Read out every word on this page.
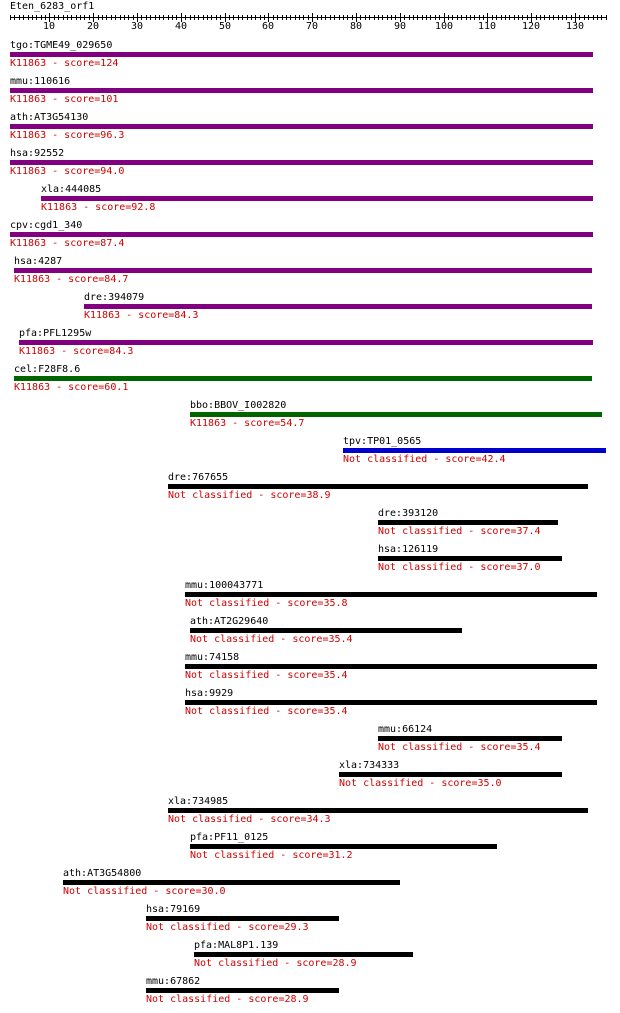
Eten_6283_orf1
10	20	30	40	50	60	70	80	90	100 110	120	130
tgo:TGME49_029650
K11863 - score=124
mmu:110616
K11863 - score=101
ath:AT3G54130
K11863 - score=96.3
hsa:92552
K11863 - score=94.0
xla:444085
K11863 - score=92.8
cpv:cgd1_340
K11863 - score=87.4
hsa:4287
K11863 - score=84.7
dre:394079
K11863 - score=84.3
pfa:PFL1295w
K11863 - score=84.3
cel:F28F8.6
K11863 - score=60.1
bbo:BBOV_I002820
K11863 - score=54.7
tpv:TP01_0565
Not classified - score=42.4
dre:767655
Not classified - score=38.9
dre:393120
Not classified - score=37.4
hsa:126119
Not classified - score=37.0
mmu:100043771
Not classified - score=35.8
ath:AT2G29640
Not classified - score=35.4
mmu:74158
Not classified - score=35.4
hsa:9929
Not classified - score=35.4
mmu:66124
Not classified - score=35.4
xla:734333
Not classified - score=35.0
xla:734985
Not classified - score=34.3
pfa:PF11_0125
Not classified - score=31.2
ath:AT3G54800
Not classified - score=30.0
hsa:79169
Not classified - score=29.3
pfa:MAL8P1.139
Not classified - score=28.9
mmu:67862
Not classified - score=28.9
